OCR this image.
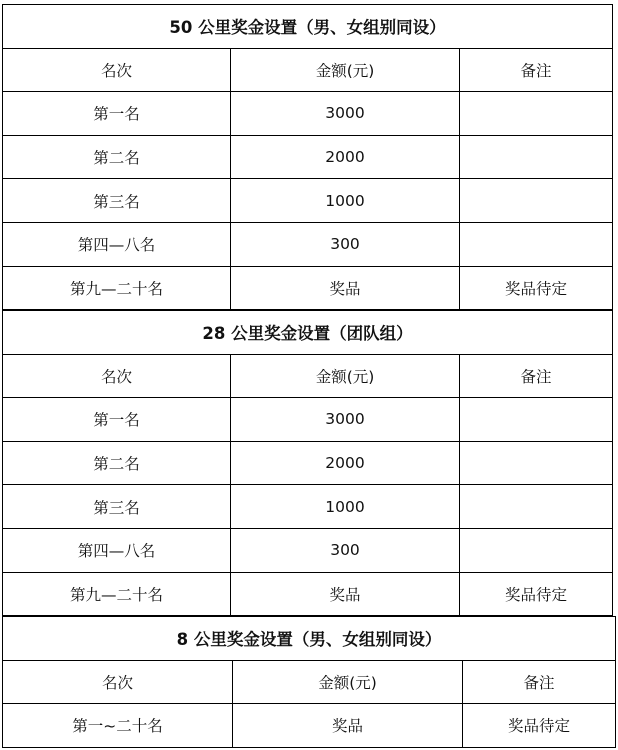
50 公里奖金设置（男、女组别同设）		
名次	金额(元)	备注
第一名	3000	
第二名	2000	
第三名	1000	
第四—八名	300	
第九—二十名	奖品	奖品待定
28 公里奖金设置（团队组）		
名次	金额(元)	备注
第一名	3000	
第二名	2000	
第三名	1000	
第四—八名	300	
第九—二十名	奖品	奖品待定
8 公里奖金设置（男、女组别同设）		
名次	金额(元)	备注
第一~二十名	奖品	奖品待定
